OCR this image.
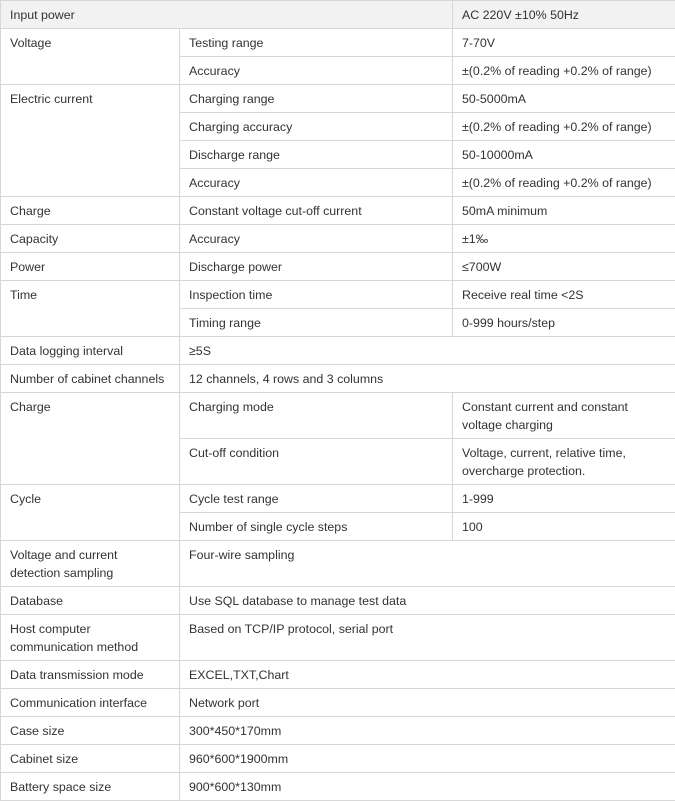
Input power		AC 220V ±10% 50Hz
Voltage	Testing range	7-70V
	Accuracy	±(0.2% of reading +0.2% of range)
Electric current	Charging range	50-5000mA
	Charging accuracy	±(0.2% of reading +0.2% of range)
	Discharge range	50-10000mA
	Accuracy	±(0.2% of reading +0.2% of range)
Charge	Constant voltage cut-off current	50mA minimum
Capacity	Accuracy	±1‰
Power	Discharge power	≤700W
Time	Inspection time	Receive real time <2S
	Timing range	0-999 hours/step
Data logging interval	≥5S	
Number of cabinet channels	12 channels, 4 rows and 3 columns	
Charge	Charging mode	Constant current and constant voltage charging
	Cut-off condition	Voltage, current, relative time, overcharge protection.
Cycle	Cycle test range	1-999
	Number of single cycle steps	100
Voltage and current detection sampling	Four-wire sampling	
Database	Use SQL database to manage test data	
Host computer communication method	Based on TCP/IP protocol, serial port	
Data transmission mode	EXCEL,TXT,Chart	
Communication interface	Network port	
Case size	300*450*170mm	
Cabinet size	960*600*1900mm	
Battery space size	900*600*130mm	
